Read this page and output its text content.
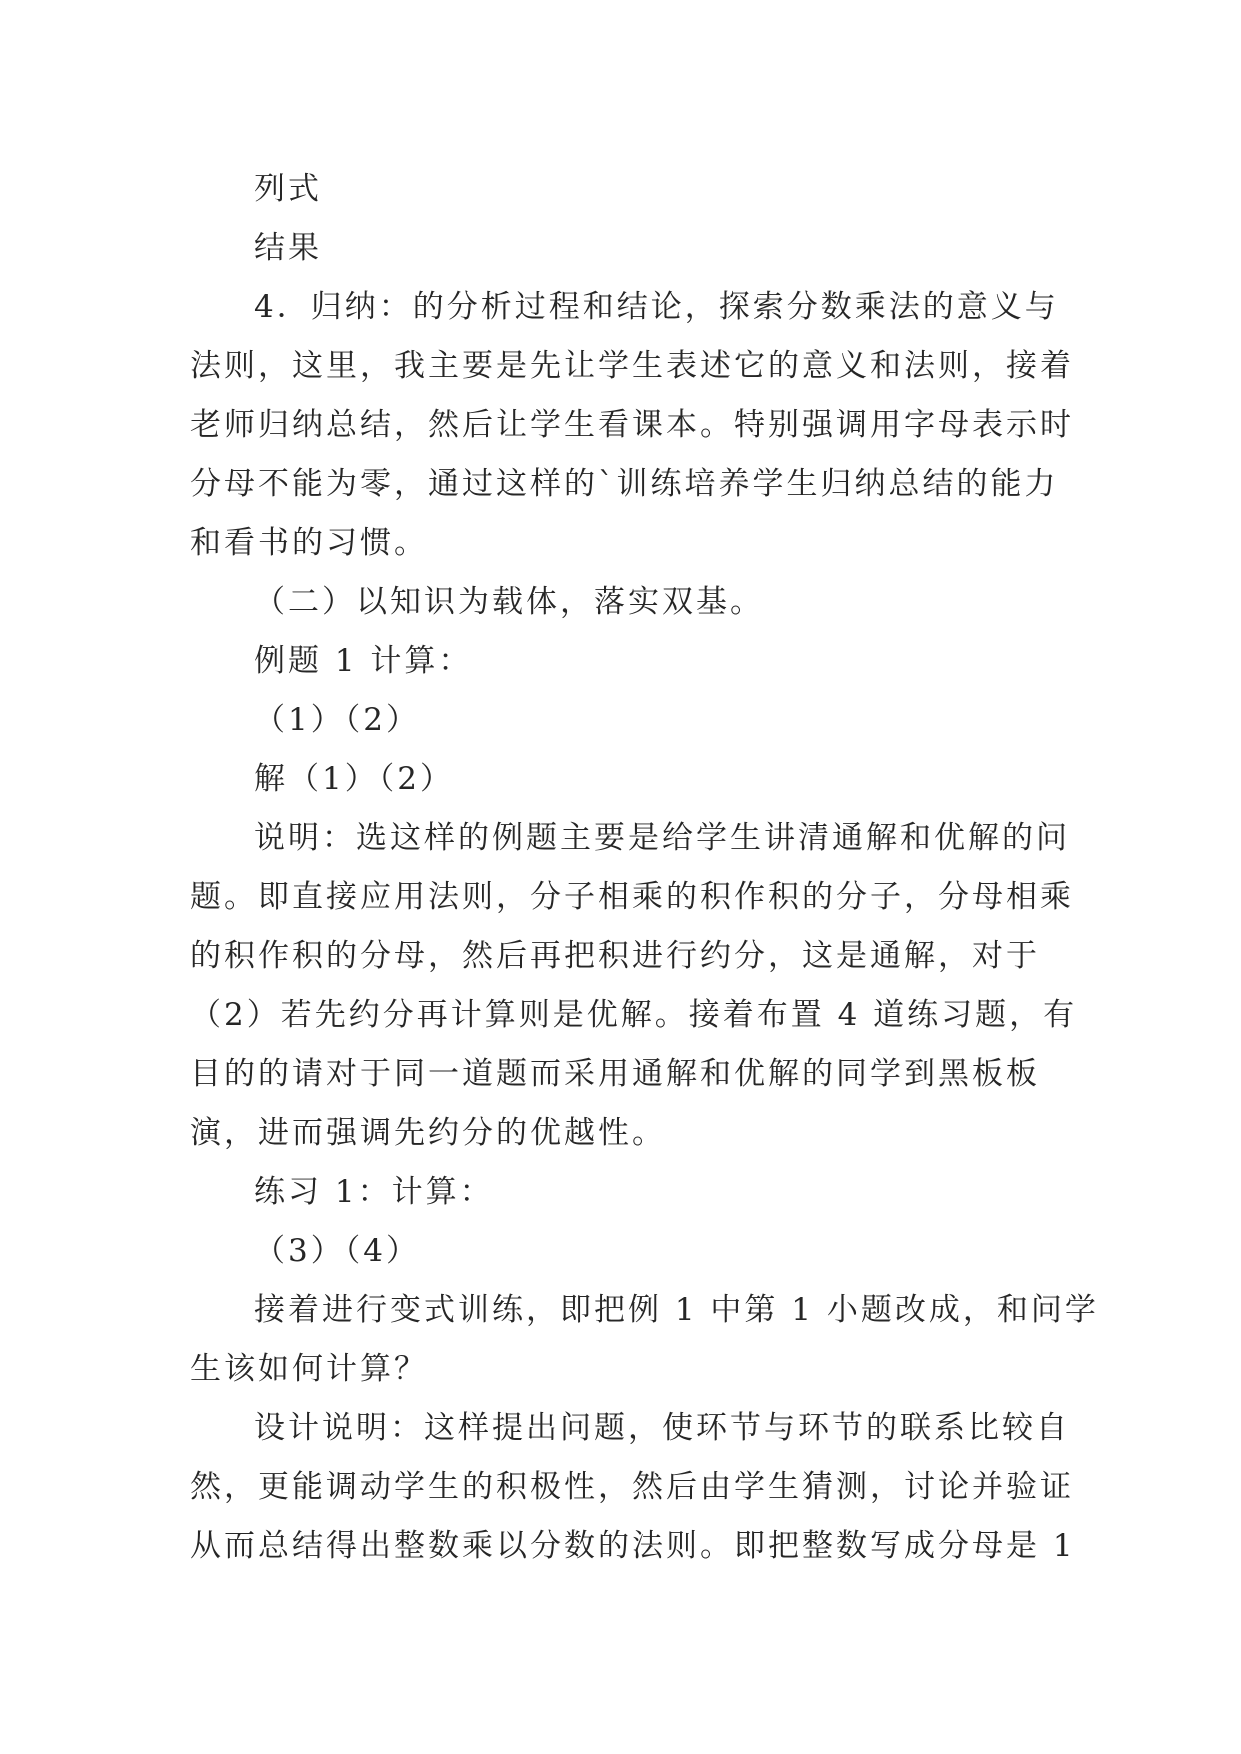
列式
结果
4．归纳：的分析过程和结论，探索分数乘法的意义与
法则，这里，我主要是先让学生表述它的意义和法则，接着
老师归纳总结，然后让学生看课本。特别强调用字母表示时
分母不能为零，通过这样的`训练培养学生归纳总结的能力
和看书的习惯。
（二）以知识为载体，落实双基。
例题 1 计算：
（1）（2）
解（1）（2）
说明：选这样的例题主要是给学生讲清通解和优解的问
题。即直接应用法则，分子相乘的积作积的分子，分母相乘
的积作积的分母，然后再把积进行约分，这是通解，对于
（2）若先约分再计算则是优解。接着布置 4 道练习题，有
目的的请对于同一道题而采用通解和优解的同学到黑板板
演，进而强调先约分的优越性。
练习 1：计算：
（3）（4）
接着进行变式训练，即把例 1 中第 1 小题改成，和问学
生该如何计算？
设计说明：这样提出问题，使环节与环节的联系比较自
然，更能调动学生的积极性，然后由学生猜测，讨论并验证
从而总结得出整数乘以分数的法则。即把整数写成分母是 1
